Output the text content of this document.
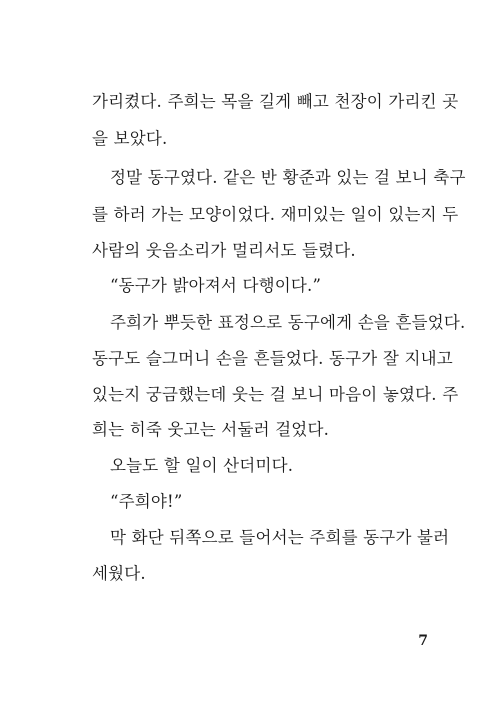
가리켰다. 주희는 목을 길게 빼고 천장이 가리킨 곳
을 보았다.
정말 동구였다. 같은 반 황준과 있는 걸 보니 축구
를 하러 가는 모양이었다. 재미있는 일이 있는지 두
사람의 웃음소리가 멀리서도 들렸다.
“동구가 밝아져서 다행이다.”
주희가 뿌듯한 표정으로 동구에게 손을 흔들었다.
동구도 슬그머니 손을 흔들었다. 동구가 잘 지내고
있는지 궁금했는데 웃는 걸 보니 마음이 놓였다. 주
희는 히죽 웃고는 서둘러 걸었다.
오늘도 할 일이 산더미다.
“주희야!”
막 화단 뒤쪽으로 들어서는 주희를 동구가 불러
세웠다.
7
